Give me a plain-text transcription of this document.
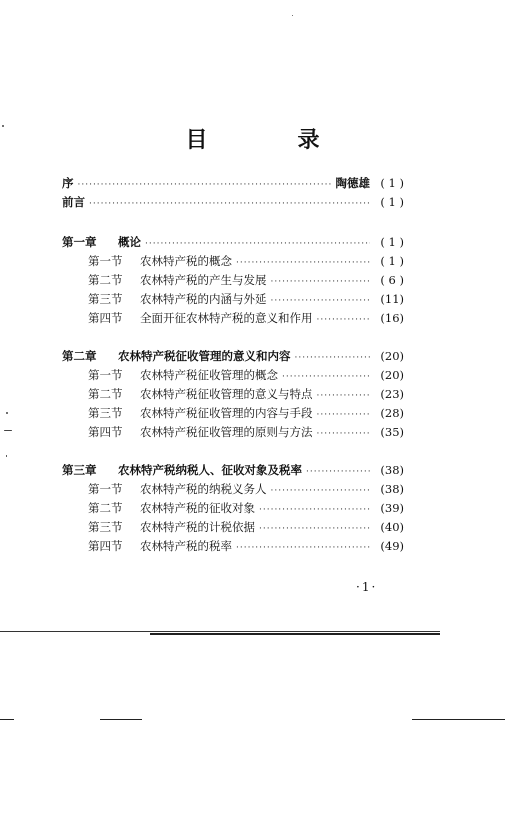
目　录
序 ·····	陶德雄 ( 1 )
前言 ·····	( 1 )
第一章	概论 ·····	( 1 )
第一节	农林特产税的概念 ·····	( 1 )
第二节	农林特产税的产生与发展 ·····	( 6 )
第三节	农林特产税的内涵与外延 ·····	(11)
第四节	全面开征农林特产税的意义和作用 ·····	(16)
第二章	农林特产税征收管理的意义和内容 ·····	(20)
第一节	农林特产税征收管理的概念 ·····	(20)
第二节	农林特产税征收管理的意义与特点 ·····	(23)
第三节	农林特产税征收管理的内容与手段 ·····	(28)
第四节	农林特产税征收管理的原则与方法 ·····	(35)
第三章	农林特产税纳税人、征收对象及税率 ·····	(38)
第一节	农林特产税的纳税义务人 ·····	(38)
第二节	农林特产税的征收对象 ·····	(39)
第三节	农林特产税的计税依据 ·····	(40)
第四节	农林特产税的税率 ·····	(49)
·1·
